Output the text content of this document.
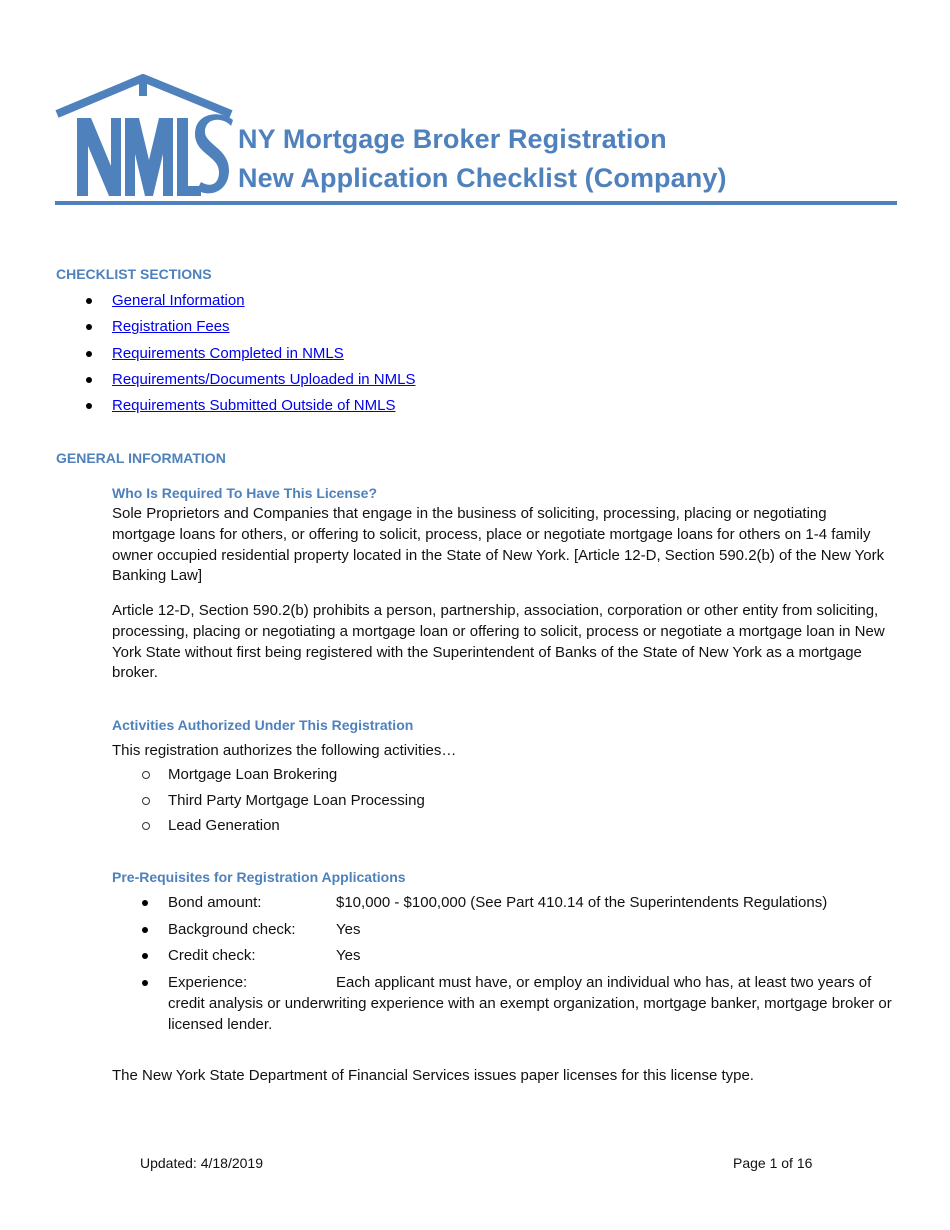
NY Mortgage Broker Registration
New Application Checklist (Company)
CHECKLIST SECTIONS
General Information
Registration Fees
Requirements Completed in NMLS
Requirements/Documents Uploaded in NMLS
Requirements Submitted Outside of NMLS
GENERAL INFORMATION
Who Is Required To Have This License?
Sole Proprietors and Companies that engage in the business of soliciting, processing, placing or negotiating mortgage loans for others, or offering to solicit, process, place or negotiate mortgage loans for others on 1-4 family owner occupied residential property located in the State of New York. [Article 12-D, Section 590.2(b) of the New York Banking Law]
Article 12-D, Section 590.2(b) prohibits a person, partnership, association, corporation or other entity from soliciting, processing, placing or negotiating a mortgage loan or offering to solicit, process or negotiate a mortgage loan in New York State without first being registered with the Superintendent of Banks of the State of New York as a mortgage broker.
Activities Authorized Under This Registration
This registration authorizes the following activities…
Mortgage Loan Brokering
Third Party Mortgage Loan Processing
Lead Generation
Pre-Requisites for Registration Applications
Bond amount:	$10,000 - $100,000 (See Part 410.14 of the Superintendents Regulations)
Background check:	Yes
Credit check:	Yes
Experience:	Each applicant must have, or employ an individual who has, at least two years of credit analysis or underwriting experience with an exempt organization, mortgage banker, mortgage broker or licensed lender.
The New York State Department of Financial Services issues paper licenses for this license type.
Updated: 4/18/2019	Page 1 of 16
